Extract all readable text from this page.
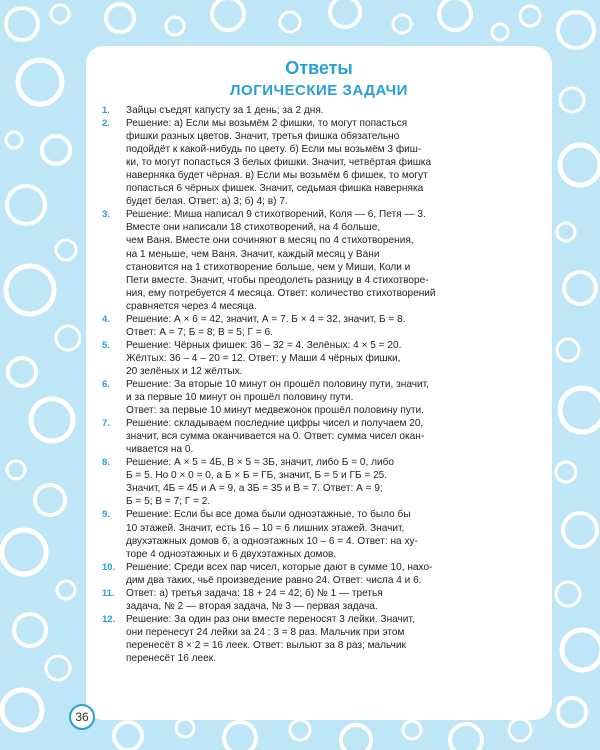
Ответы
ЛОГИЧЕСКИЕ ЗАДАЧИ
1.	Зайцы съедят капусту за 1 день; за 2 дня.
2.	Решение: а) Если мы возьмём 2 фишки, то могут попасться
фишки разных цветов. Значит, третья фишка обязательно
подойдёт к какой-нибудь по цвету. б) Если мы возьмём 3 фиш-
ки, то могут попасться 3 белых фишки. Значит, четвёртая фишка
наверняка будет чёрная. в) Если мы возьмём 6 фишек, то могут
попасться 6 чёрных фишек. Значит, седьмая фишка наверняка
будет белая. Ответ: а) 3; б) 4; в) 7.
3.	Решение: Миша написал 9 стихотворений, Коля — 6, Петя — 3.
Вместе они написали 18 стихотворений, на 4 больше,
чем Ваня. Вместе они сочиняют в месяц по 4 стихотворения,
на 1 меньше, чем Ваня. Значит, каждый месяц у Вани
становится на 1 стихотворение больше, чем у Миши, Коли и
Пети вместе. Значит, чтобы преодолеть разницу в 4 стихотворе-
ния, ему потребуется 4 месяца. Ответ: количество стихотворений
сравняется через 4 месяца.
4.	Решение: А × 6 = 42, значит, А = 7. Б × 4 = 32, значит, Б = 8.
Ответ: А = 7; Б = 8; В = 5; Г = 6.
5.	Решение: Чёрных фишек: 36 – 32 = 4. Зелёных: 4 × 5 = 20.
Жёлтых: 36 – 4 – 20 = 12. Ответ: у Маши 4 чёрных фишки,
20 зелёных и 12 жёлтых.
6.	Решение: За вторые 10 минут он прошёл половину пути, значит,
и за первые 10 минут он прошёл половину пути.
Ответ: за первые 10 минут медвежонок прошёл половину пути.
7.	Решение: складываем последние цифры чисел и получаем 20,
значит, вся сумма оканчивается на 0. Ответ: сумма чисел окан-
чивается на 0.
8.	Решение: А × 5 = 4Б, В × 5 = 3Б, значит, либо Б = 0, либо
Б = 5. Но 0 × 0 = 0, а Б × Б = ГБ, значит, Б = 5 и ГБ = 25.
Значит, 4Б = 45 и А = 9, а 3Б = 35 и В = 7. Ответ: А = 9;
Б = 5; В = 7; Г = 2.
9.	Решение: Если бы все дома были одноэтажные, то было бы
10 этажей. Значит, есть 16 – 10 = 6 лишних этажей. Значит,
двухэтажных домов 6, а одноэтажных 10 – 6 = 4. Ответ: на ху-
торе 4 одноэтажных и 6 двухэтажных домов.
10.	Решение: Среди всех пар чисел, которые дают в сумме 10, нахо-
дим два таких, чьё произведение равно 24. Ответ: числа 4 и 6.
11.	Ответ: а) третья задача: 18 + 24 = 42; б) № 1 — третья
задача, № 2 — вторая задача, № 3 — первая задача.
12.	Решение: За один раз они вместе переносят 3 лейки. Значит,
они перенесут 24 лейки за 24 : 3 = 8 раз. Мальчик при этом
перенесёт 8 × 2 = 16 леек. Ответ: выльют за 8 раз; мальчик
перенесёт 16 леек.
36
